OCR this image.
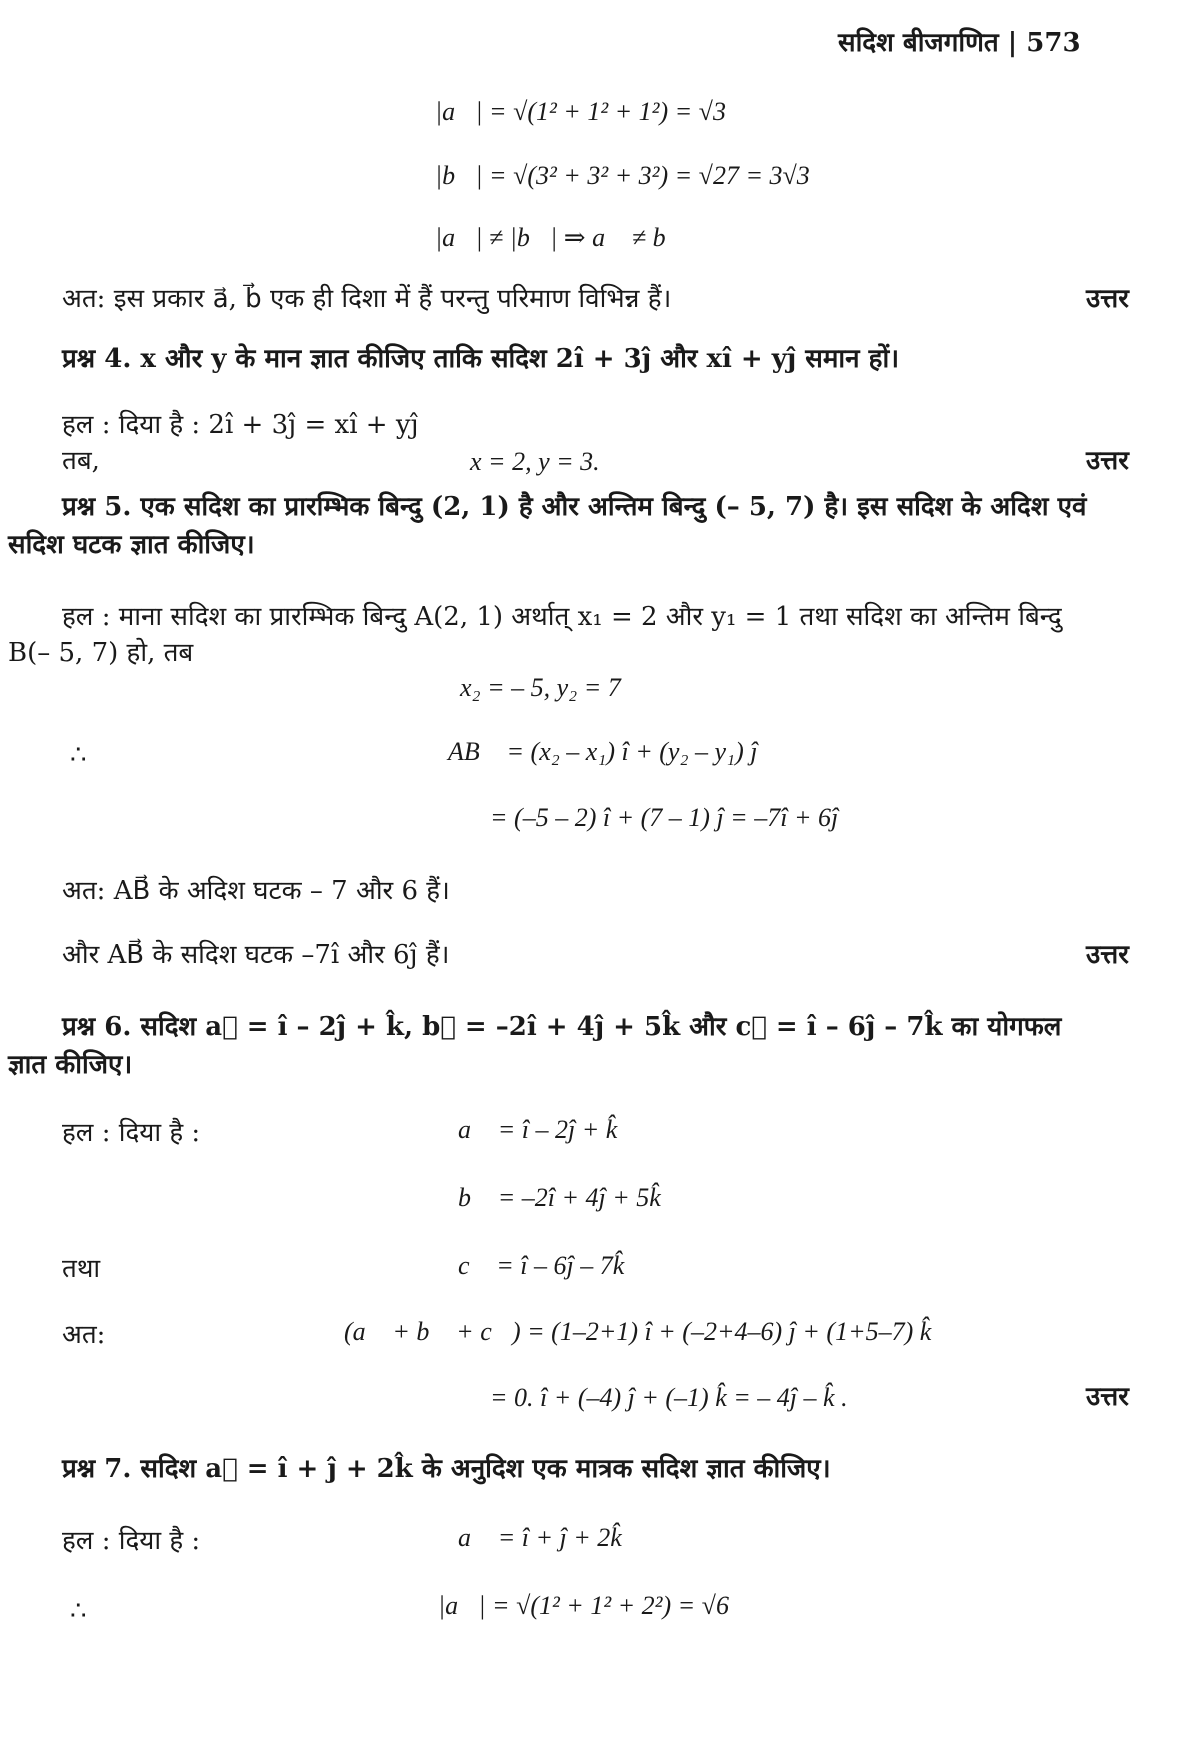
सदिश बीजगणित | 573
|a⃗| = √(1² + 1² + 1²) = √3
|b⃗| = √(3² + 3² + 3²) = √27 = 3√3
|a⃗| ≠ |b⃗| ⇒ a⃗ ≠ b⃗
अत: इस प्रकार a⃗, b⃗ एक ही दिशा में हैं परन्तु परिमाण विभिन्न हैं।	उत्तर
प्रश्न 4. x और y के मान ज्ञात कीजिए ताकि सदिश 2î + 3ĵ और xî + yĵ समान हों।
हल : दिया है : 2î + 3ĵ = xî + yĵ
तब,	x = 2, y = 3.	उत्तर
प्रश्न 5. एक सदिश का प्रारम्भिक बिन्दु (2, 1) है और अन्तिम बिन्दु (– 5, 7) है। इस सदिश के अदिश एवं
सदिश घटक ज्ञात कीजिए।
हल : माना सदिश का प्रारम्भिक बिन्दु A(2, 1) अर्थात् x₁ = 2 और y₁ = 1 तथा सदिश का अन्तिम बिन्दु
B(– 5, 7) हो, तब
x₂ = – 5, y₂ = 7
∴	AB⃗ = (x₂ – x₁) î + (y₂ – y₁) ĵ
= (–5 – 2) î + (7 – 1) ĵ = –7î + 6ĵ
अत: AB⃗ के अदिश घटक – 7 और 6 हैं।
और AB⃗ के सदिश घटक –7î और 6ĵ हैं।	उत्तर
प्रश्न 6. सदिश a⃗ = î – 2ĵ + k̂, b⃗ = –2î + 4ĵ + 5k̂ और c⃗ = î – 6ĵ – 7k̂ का योगफल
ज्ञात कीजिए।
हल : दिया है :	a⃗ = î – 2ĵ + k̂
b⃗ = –2î + 4ĵ + 5k̂
तथा	c⃗ = î – 6ĵ – 7k̂
अत:	(a⃗ + b⃗ + c⃗) = (1–2+1) î + (–2+4–6) ĵ + (1+5–7) k̂
= 0. î + (–4) ĵ + (–1) k̂ = – 4ĵ – k̂ .	उत्तर
प्रश्न 7. सदिश a⃗ = î + ĵ + 2k̂ के अनुदिश एक मात्रक सदिश ज्ञात कीजिए।
हल : दिया है :	a⃗ = î + ĵ + 2k̂
∴	|a⃗| = √(1² + 1² + 2²) = √6
